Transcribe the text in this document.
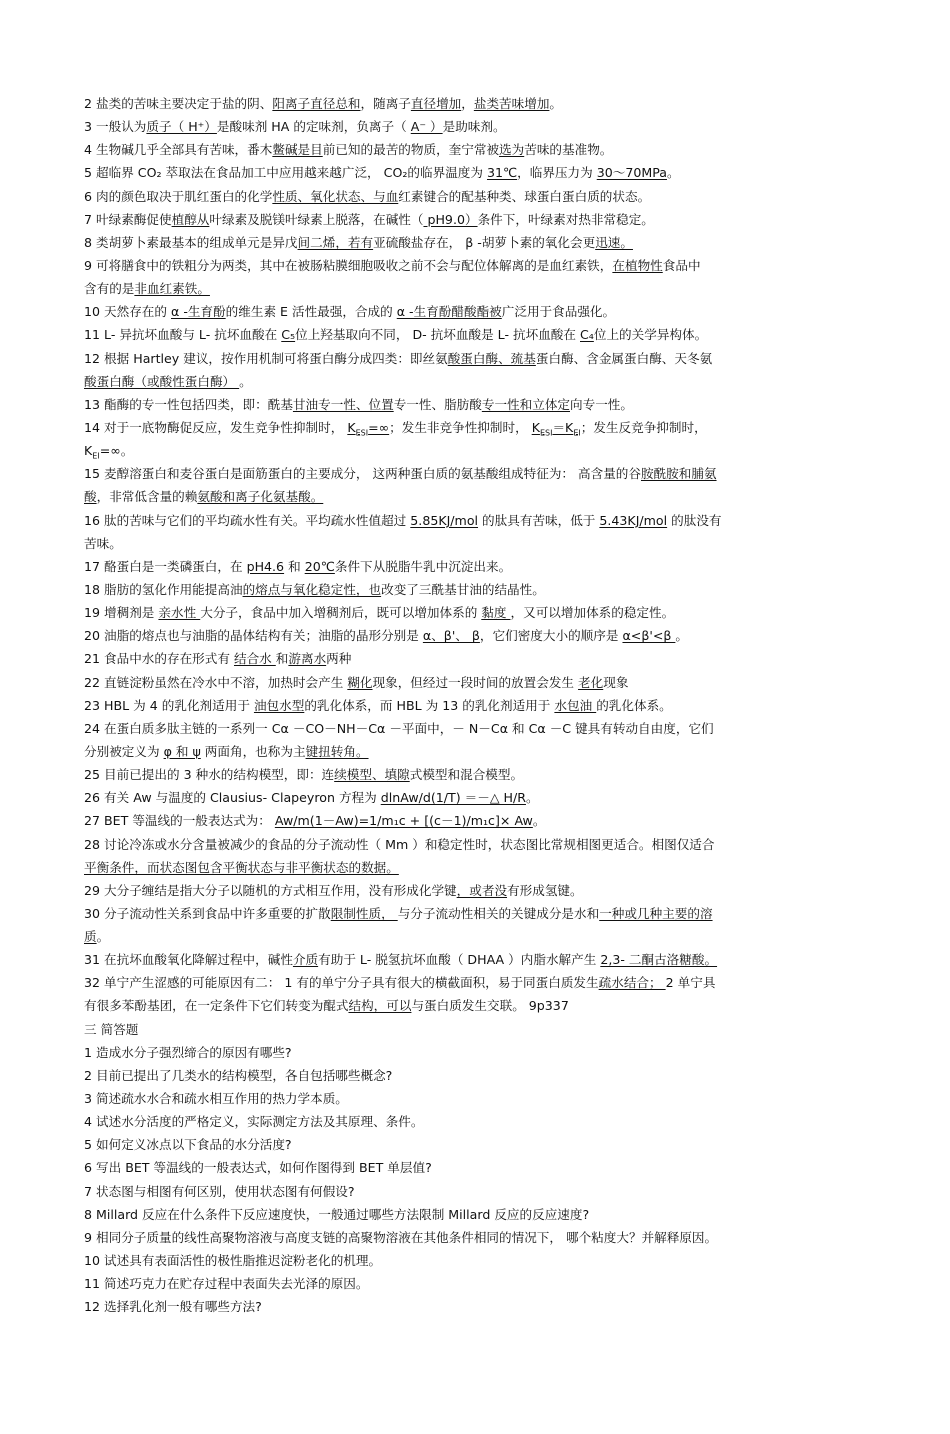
2 盐类的苦味主要决定于盐的阴、阳离子直径总和，随离子直径增加，盐类苦味增加。
3 一般认为质子（ H⁺）是酸味剂 HA 的定味剂，负离子（ A⁻ ）是助味剂。
4 生物碱几乎全部具有苦味，番木鳖碱是目前已知的最苦的物质，奎宁常被选为苦味的基准物。
5 超临界 CO₂ 萃取法在食品加工中应用越来越广泛， CO₂的临界温度为 31℃，临界压力为 30～70MPa。
6 肉的颜色取决于肌红蛋白的化学性质、氧化状态、与血红素键合的配基种类、球蛋白蛋白质的状态。
7 叶绿素酶促使植醇从叶绿素及脱镁叶绿素上脱落，在碱性（ pH9.0）条件下，叶绿素对热非常稳定。
8 类胡萝卜素最基本的组成单元是异戊间二烯，若有亚硫酸盐存在， β -胡萝卜素的氧化会更迅速。
9 可将膳食中的铁粗分为两类，其中在被肠粘膜细胞吸收之前不会与配位体解离的是血红素铁，在植物性食品中
含有的是非血红素铁。
10 天然存在的 α -生育酚的维生素 E 活性最强，合成的 α -生育酚醋酸酯被广泛用于食品强化。
11 L- 异抗坏血酸与 L- 抗坏血酸在 C₅位上羟基取向不同， D- 抗坏血酸是 L- 抗坏血酸在 C₄位上的关学异构体。
12 根据 Hartley 建议，按作用机制可将蛋白酶分成四类：即丝氨酸蛋白酶、巯基蛋白酶、含金属蛋白酶、天冬氨
酸蛋白酶（或酸性蛋白酶） 。
13 酯酶的专一性包括四类，即：酰基甘油专一性、位置专一性、脂肪酸专一性和立体定向专一性。
14 对于一底物酶促反应，发生竞争性抑制时， $K_{ESI}=\infty$；发生非竞争性抑制时， $K_{ESI}=K_{EI}$；发生反竞争抑制时，
$K_{EI}=\infty$。
15 麦醇溶蛋白和麦谷蛋白是面筋蛋白的主要成分， 这两种蛋白质的氨基酸组成特征为： 高含量的谷胺酰胺和脯氨
酸，非常低含量的赖氨酸和离子化氨基酸。
16 肽的苦味与它们的平均疏水性有关。平均疏水性值超过 5.85KJ/mol 的肽具有苦味，低于 5.43KJ/mol 的肽没有
苦味。
17 酪蛋白是一类磷蛋白，在 pH4.6 和 20℃条件下从脱脂牛乳中沉淀出来。
18 脂肪的氢化作用能提高油的熔点与氧化稳定性，也改变了三酰基甘油的结晶性。
19 增稠剂是 亲水性 大分子，食品中加入增稠剂后，既可以增加体系的 黏度 ，又可以增加体系的稳定性。
20 油脂的熔点也与油脂的晶体结构有关；油脂的晶形分别是 α、β'、 β，它们密度大小的顺序是 α<β'<β 。
21 食品中水的存在形式有 结合水 和游离水两种
22 直链淀粉虽然在冷水中不溶，加热时会产生 糊化现象，但经过一段时间的放置会发生 老化现象
23 HBL 为 4 的乳化剂适用于 油包水型的乳化体系，而 HBL 为 13 的乳化剂适用于 水包油 的乳化体系。
24 在蛋白质多肽主链的一系列一 Cα －CO－NH－Cα －平面中，－ N－Cα 和 Cα －C 键具有转动自由度，它们
分别被定义为 φ 和 ψ 两面角，也称为主键扭转角。
25 目前已提出的 3 种水的结构模型，即：连续模型、填隙式模型和混合模型。
26 有关 Aw 与温度的 Clausius- Clapeyron 方程为 dlnAw/d(1/T) ＝－△ H/R。
27 BET 等温线的一般表达式为： Aw/m(1－Aw)=1/m₁c + [(c－1)/m₁c]× Aw。
28 讨论冷冻或水分含量被减少的食品的分子流动性（ Mm ）和稳定性时，状态图比常规相图更适合。相图仅适合
平衡条件，而状态图包含平衡状态与非平衡状态的数据。
29 大分子缠结是指大分子以随机的方式相互作用，没有形成化学键，或者没有形成氢键。
30 分子流动性关系到食品中许多重要的扩散限制性质， 与分子流动性相关的关键成分是水和一种或几种主要的溶
质。
31 在抗坏血酸氧化降解过程中，碱性介质有助于 L- 脱氢抗坏血酸（ DHAA ）内脂水解产生 2,3- 二酮古洛糖酸。
32 单宁产生涩感的可能原因有二： 1 有的单宁分子具有很大的横截面积，易于同蛋白质发生疏水结合； 2 单宁具
有很多苯酚基团，在一定条件下它们转变为醌式结构，可以与蛋白质发生交联。 9p337
三 简答题
1 造成水分子强烈缔合的原因有哪些?
2 目前已提出了几类水的结构模型，各自包括哪些概念?
3 简述疏水水合和疏水相互作用的热力学本质。
4 试述水分活度的严格定义，实际测定方法及其原理、条件。
5 如何定义冰点以下食品的水分活度?
6 写出 BET 等温线的一般表达式，如何作图得到 BET 单层值?
7 状态图与相图有何区别，使用状态图有何假设?
8 Millard 反应在什么条件下反应速度快，一般通过哪些方法限制 Millard 反应的反应速度?
9 相同分子质量的线性高聚物溶液与高度支链的高聚物溶液在其他条件相同的情况下， 哪个粘度大？并解释原因。
10 试述具有表面活性的极性脂推迟淀粉老化的机理。
11 简述巧克力在贮存过程中表面失去光泽的原因。
12 选择乳化剂一般有哪些方法?
